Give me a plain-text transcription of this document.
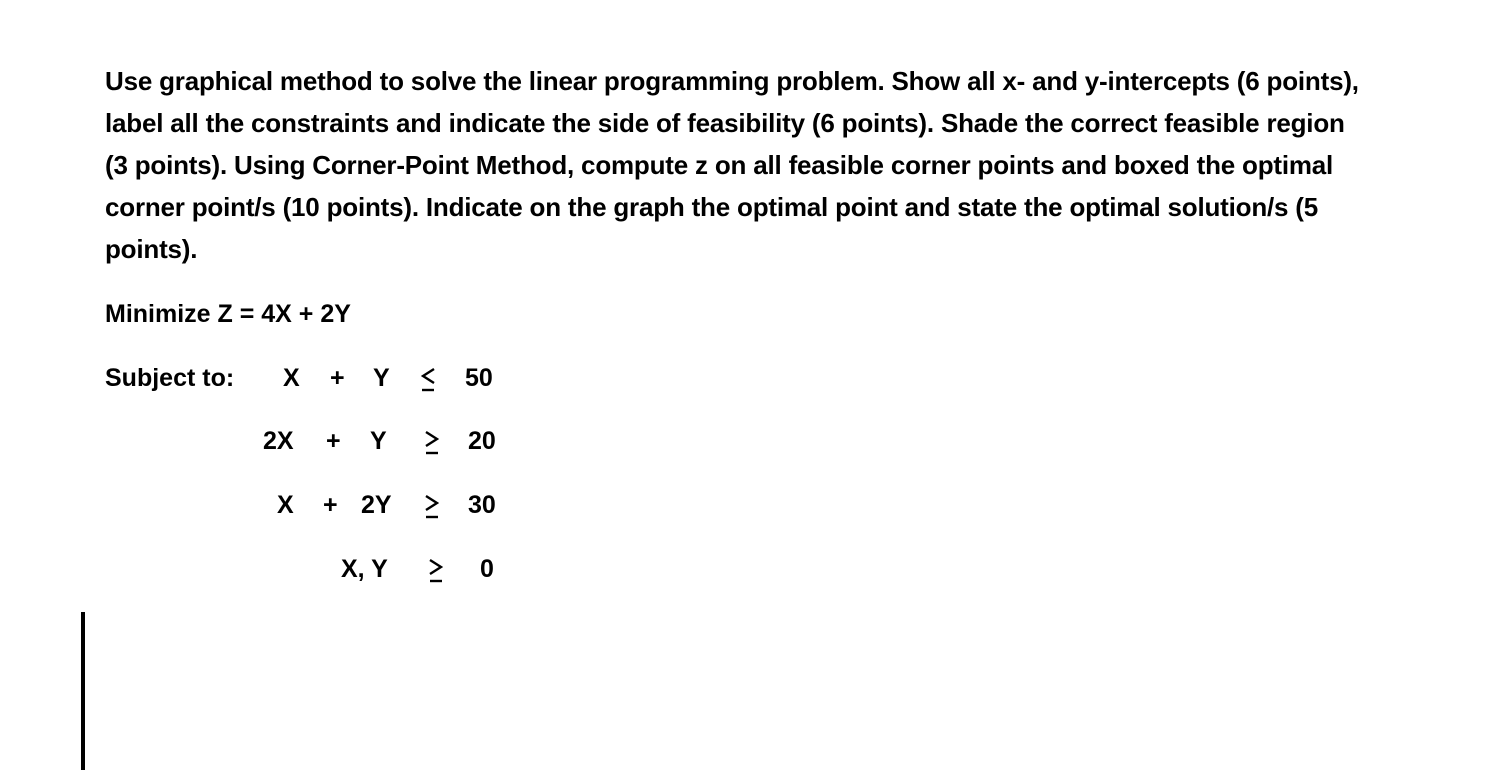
Use graphical method to solve the linear programming problem. Show all x- and y-intercepts (6 points), label all the constraints and indicate the side of feasibility (6 points). Shade the correct feasible region (3 points). Using Corner-Point Method, compute z on all feasible corner points and boxed the optimal corner point/s (10 points). Indicate on the graph the optimal point and state the optimal solution/s (5 points).
Minimize Z = 4X + 2Y
Subject to: X + Y	50
2X + Y	20
X + 2Y	30
X, Y	0
